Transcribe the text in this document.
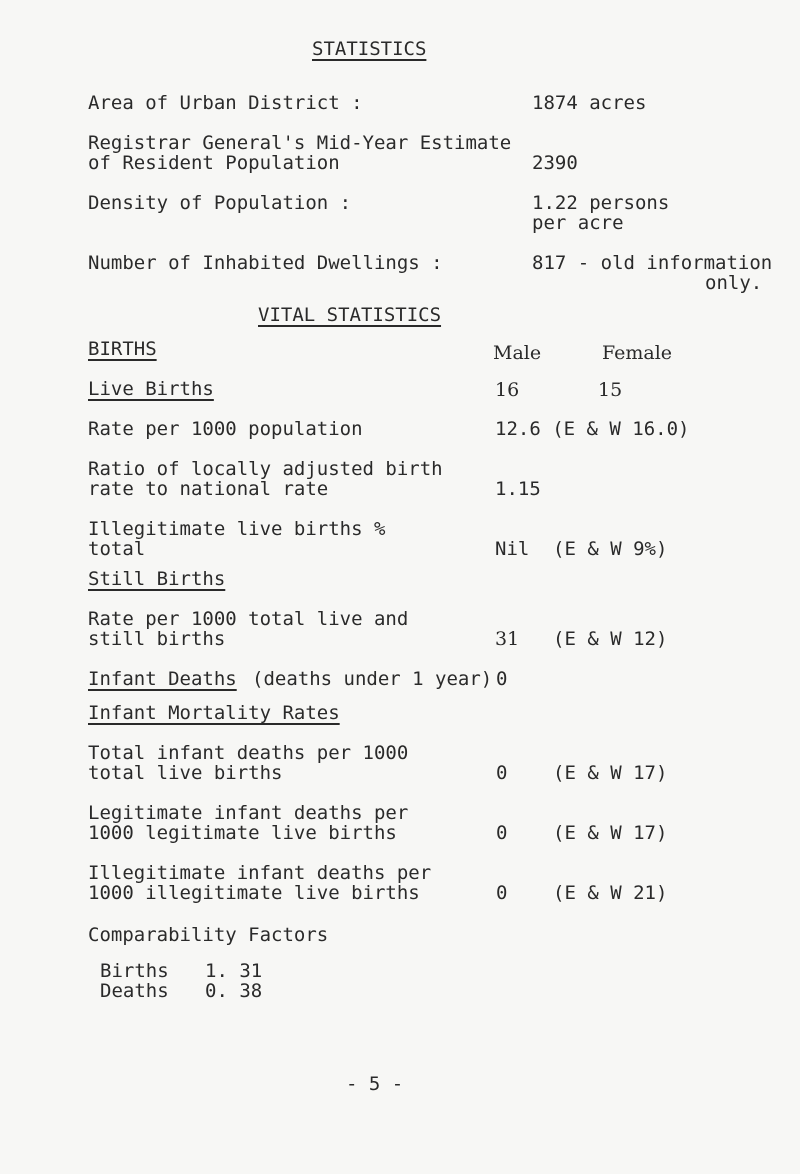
STATISTICS
Area of Urban District :	1874 acres
Registrar General's Mid-Year Estimate
of Resident Population	2390
Density of Population :	1.22 persons
per acre
Number of Inhabited Dwellings :	817 - old information
only.
VITAL STATISTICS
BIRTHS	Male	Female
Live Births	16	15
Rate per 1000 population	12.6 (E & W 16.0)
Ratio of locally adjusted birth
rate to national rate	1.15
Illegitimate live births %
total	Nil (E & W 9%)
Still Births
Rate per 1000 total live and
still births	31 (E & W 12)
Infant Deaths (deaths under 1 year) 0
Infant Mortality Rates
Total infant deaths per 1000
total live births	0 (E & W 17)
Legitimate infant deaths per
1000 legitimate live births	0 (E & W 17)
Illegitimate infant deaths per
1000 illegitimate live births	0 (E & W 21)
Comparability Factors
Births 1. 31
Deaths 0. 38
- 5 -
